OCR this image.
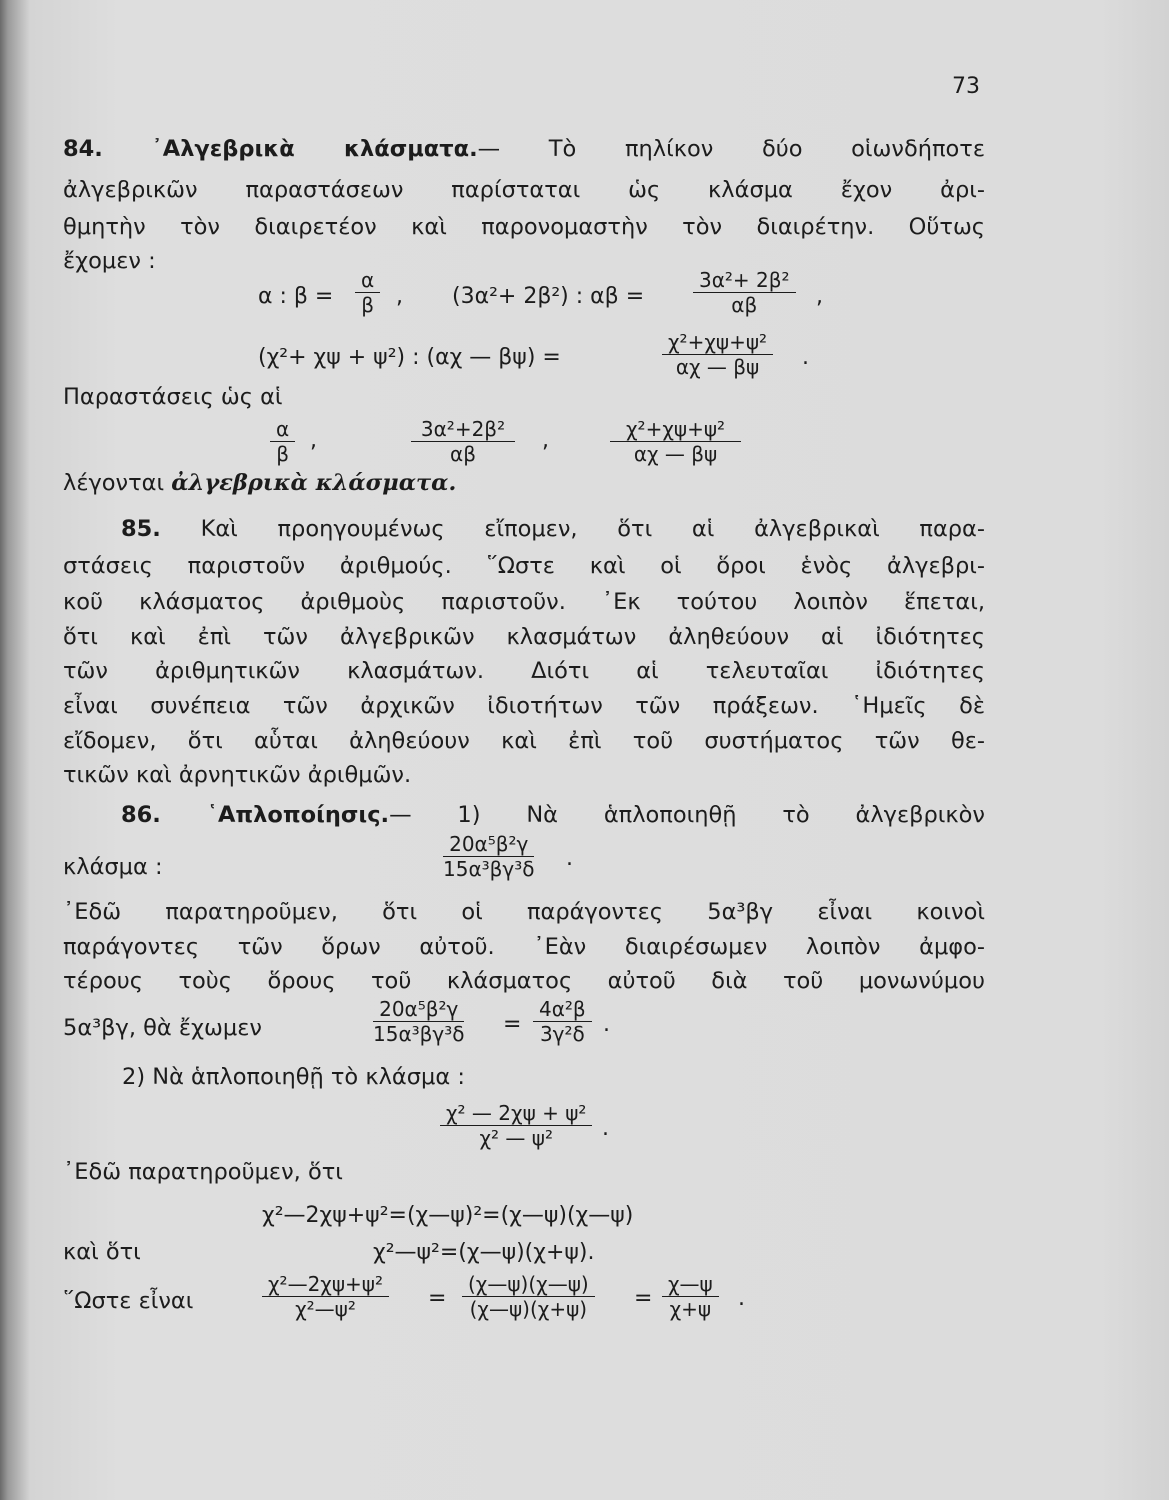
73
84. ᾿Αλγεβρικὰ κλάσματα.— Τὸ πηλίκον δύο οἱωνδήποτε
ἀλγεβρικῶν παραστάσεων παρίσταται ὡς κλάσμα ἔχον ἀρι-
θμητὴν τὸν διαιρετέον καὶ παρονομαστὴν τὸν διαιρέτην. Οὕτως
ἔχομεν :
α : $\beta = \frac{\alpha}{\beta}$ , (3α²+ 2β²) : $\alpha\beta = \frac{\text{3α²+ 2β²}}{\alpha\beta}$ ,
(χ²+ χψ + ψ²) : (αχ — βψ) =	$\frac{\text{χ²+χψ+ψ²}}{\alpha\chi — \beta\psi}$ .
Παραστάσεις ὡς αἱ
$\frac{\alpha}{\beta}$ ,	$\frac{\text{3α²+2β²}}{\alpha\beta}$ ,	$\frac{\text{χ²+χψ+ψ²}}{\alpha\chi — \beta\psi}$
λέγονται ἀλγεβρικὰ κλάσματα.
85. Καὶ προηγουμένως εἴπομεν, ὅτι αἱ ἀλγεβρικαὶ παρα-
στάσεις παριστοῦν ἀριθμούς. ῞Ωστε καὶ οἱ ὅροι ἑνὸς ἀλγεβρι-
κοῦ κλάσματος ἀριθμοὺς παριστοῦν. ᾿Εκ τούτου λοιπὸν ἕπεται,
ὅτι καὶ ἐπὶ τῶν ἀλγεβρικῶν κλασμάτων ἀληθεύουν αἱ ἰδιότητες
τῶν ἀριθμητικῶν κλασμάτων. Διότι αἱ τελευταῖαι ἰδιότητες
εἶναι συνέπεια τῶν ἀρχικῶν ἰδιοτήτων τῶν πράξεων. ῾Ημεῖς δὲ
εἴδομεν, ὅτι αὗται ἀληθεύουν καὶ ἐπὶ τοῦ συστήματος τῶν θε-
τικῶν καὶ ἀρνητικῶν ἀριθμῶν.
86. ῾Απλοποίησις.— 1) Νὰ ἁπλοποιηθῇ τὸ ἀλγεβρικὸν
κλάσμα :	$\frac{\text{20α⁵β²γ}}{\text{15α³βγ³δ}}$ .
᾿Εδῶ παρατηροῦμεν, ὅτι οἱ παράγοντες 5α³βγ εἶναι κοινοὶ
παράγοντες τῶν ὅρων αὐτοῦ. ᾿Εὰν διαιρέσωμεν λοιπὸν ἀμφο-
τέρους τοὺς ὅρους τοῦ κλάσματος αὐτοῦ διὰ τοῦ μονωνύμου
5α³βγ, θὰ ἔχωμεν	$\frac{\text{20α⁵β²γ}}{\text{15α³βγ³δ}} = \frac{\text{4α²β}}{\text{3γ²δ}}$ .
2) Νὰ ἁπλοποιηθῇ τὸ κλάσμα :
$\frac{\text{χ² — 2χψ + ψ²}}{\text{χ² — ψ²}}$ .
᾿Εδῶ παρατηροῦμεν, ὅτι
χ²—2χψ+ψ²=(χ—ψ)²=(χ—ψ)(χ—ψ)
καὶ ὅτι	χ²—ψ²=(χ—ψ)(χ+ψ).
῞Ωστε εἶναι	$\frac{\text{χ²—2χψ+ψ²}}{\text{χ²—ψ²}} = \frac{(\chi—\psi)(\chi—\psi)}{(\chi—\psi)(\chi+\psi)} = \frac{\chi—\psi}{\chi+\psi}$ .
